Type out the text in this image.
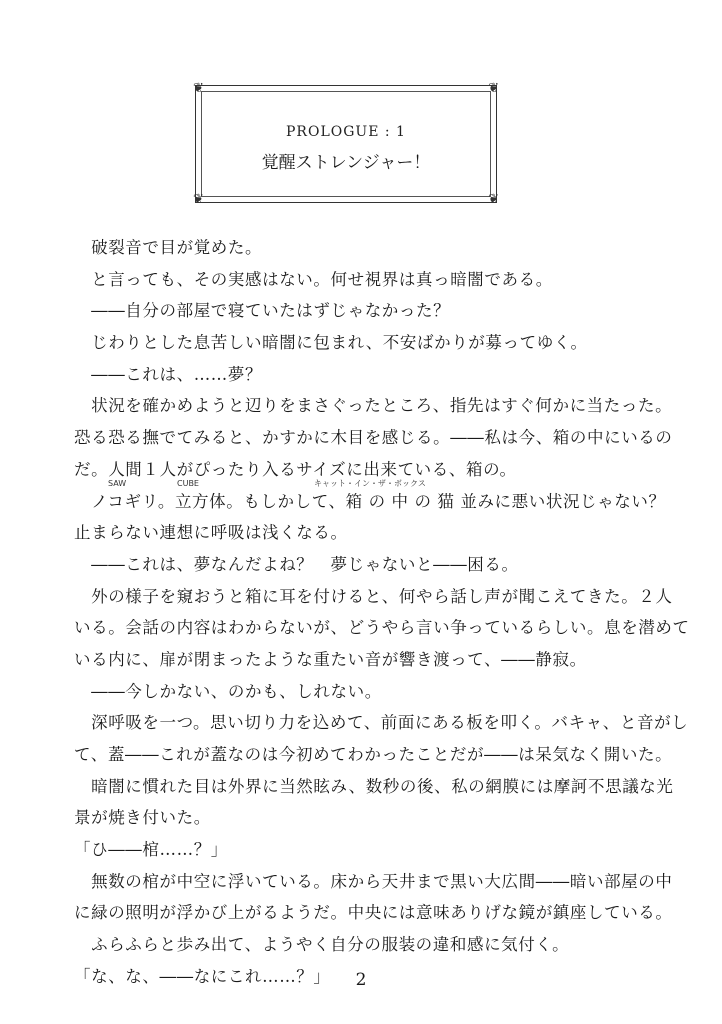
❦	❦
❦	❦
PROLOGUE : 1
覚醒ストレンジャー！
　破裂音で目が覚めた。
　と言っても、その実感はない。何せ視界は真っ暗闇である。
　――自分の部屋で寝ていたはずじゃなかった？
　じわりとした息苦しい暗闇に包まれ、不安ばかりが募ってゆく。
　――これは、……夢？
　状況を確かめようと辺りをまさぐったところ、指先はすぐ何かに当たった。
恐る恐る撫でてみると、かすかに木目を感じる。――私は今、箱の中にいるの
だ。人間１人がぴったり入るサイズに出来ている、箱の。
SAW	CUBE	キャット・イン・ザ・ボックス
　ノコギリ。立方体。もしかして、箱 の 中 の 猫 並みに悪い状況じゃない？
止まらない連想に呼吸は浅くなる。
　――これは、夢なんだよね？　夢じゃないと――困る。
　外の様子を窺おうと箱に耳を付けると、何やら話し声が聞こえてきた。２人
いる。会話の内容はわからないが、どうやら言い争っているらしい。息を潜めて
いる内に、扉が閉まったような重たい音が響き渡って、――静寂。
　――今しかない、のかも、しれない。
　深呼吸を一つ。思い切り力を込めて、前面にある板を叩く。バキャ、と音がし
て、蓋――これが蓋なのは今初めてわかったことだが――は呆気なく開いた。
　暗闇に慣れた目は外界に当然眩み、数秒の後、私の網膜には摩訶不思議な光
景が焼き付いた。
「ひ――棺……？」
　無数の棺が中空に浮いている。床から天井まで黒い大広間――暗い部屋の中
に緑の照明が浮かび上がるようだ。中央には意味ありげな鏡が鎮座している。
　ふらふらと歩み出て、ようやく自分の服装の違和感に気付く。
「な、な、――なにこれ……？」	2
